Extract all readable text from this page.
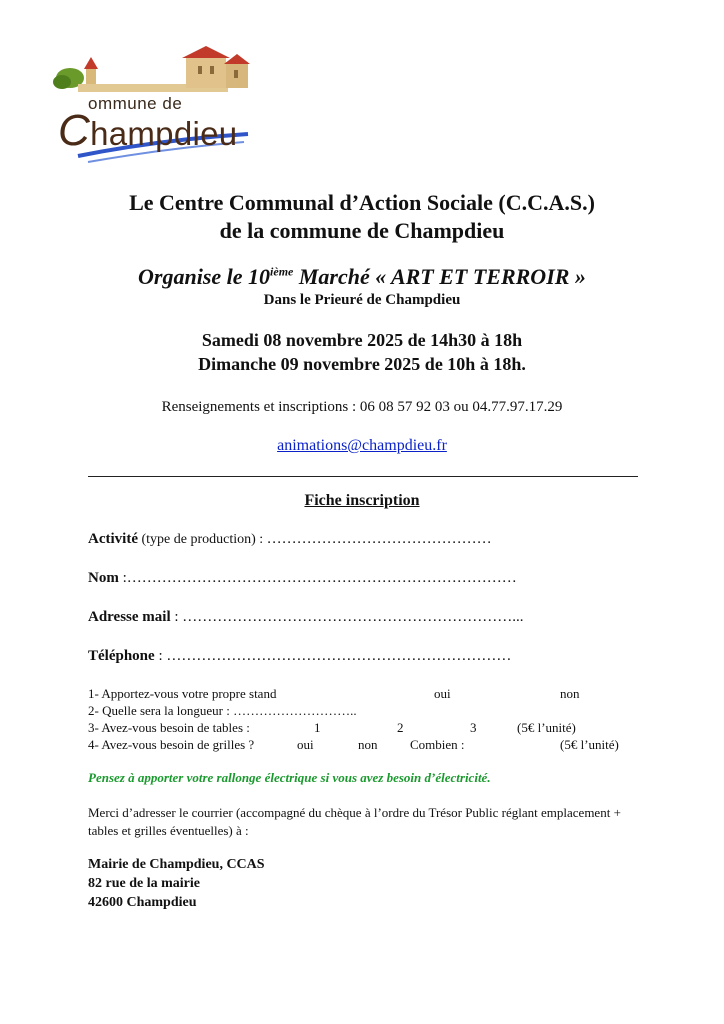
ommune de
Champdieu
Le Centre Communal d’Action Sociale (C.C.A.S.)
de la commune de Champdieu
Organise le 10ième Marché « ART ET TERROIR »
Dans le Prieuré de Champdieu
Samedi 08 novembre 2025 de 14h30 à 18h
Dimanche 09 novembre 2025 de 10h à 18h.
Renseignements et inscriptions : 06 08 57 92 03 ou 04.77.97.17.29
animations@champdieu.fr
Fiche inscription
Activité (type de production) : ………………………………………
Nom :……………………………………………………………………
Adresse mail : …………………………………………………………...
Téléphone : ……………………………………………………………
1- Apportez-vous votre propre stand	oui	non
2- Quelle sera la longueur : ………………………..
3- Avez-vous besoin de tables :	1	2	3	(5€ l’unité)
4- Avez-vous besoin de grilles ?	oui	non	Combien :	(5€ l’unité)
Pensez à apporter votre rallonge électrique si vous avez besoin d’électricité.
Merci d’adresser le courrier (accompagné du chèque à l’ordre du Trésor Public réglant emplacement + tables et grilles éventuelles) à :
Mairie de Champdieu, CCAS
82 rue de la mairie
42600 Champdieu
